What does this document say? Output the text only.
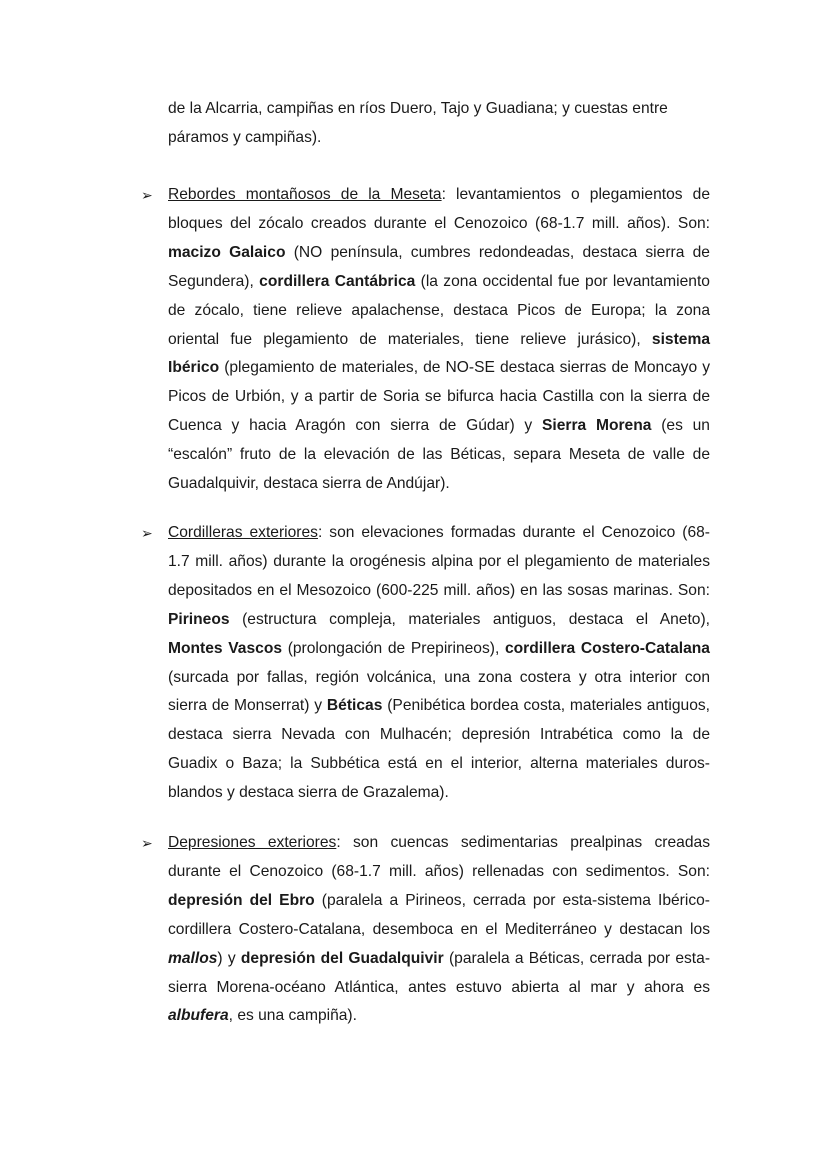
de la Alcarria, campiñas en ríos Duero, Tajo y Guadiana; y cuestas entre páramos y campiñas).

➢ Rebordes montañosos de la Meseta: levantamientos o plegamientos de bloques del zócalo creados durante el Cenozoico (68-1.7 mill. años). Son: macizo Galaico (NO península, cumbres redondeadas, destaca sierra de Segundera), cordillera Cantábrica (la zona occidental fue por levantamiento de zócalo, tiene relieve apalachense, destaca Picos de Europa; la zona oriental fue plegamiento de materiales, tiene relieve jurásico), sistema Ibérico (plegamiento de materiales, de NO-SE destaca sierras de Moncayo y Picos de Urbión, y a partir de Soria se bifurca hacia Castilla con la sierra de Cuenca y hacia Aragón con sierra de Gúdar) y Sierra Morena (es un “escalón” fruto de la elevación de las Béticas, separa Meseta de valle de Guadalquivir, destaca sierra de Andújar).

➢ Cordilleras exteriores: son elevaciones formadas durante el Cenozoico (68-1.7 mill. años) durante la orogénesis alpina por el plegamiento de materiales depositados en el Mesozoico (600-225 mill. años) en las sosas marinas. Son: Pirineos (estructura compleja, materiales antiguos, destaca el Aneto), Montes Vascos (prolongación de Prepirineos), cordillera Costero-Catalana (surcada por fallas, región volcánica, una zona costera y otra interior con sierra de Monserrat) y Béticas (Penibética bordea costa, materiales antiguos, destaca sierra Nevada con Mulhacén; depresión Intrabética como la de Guadix o Baza; la Subbética está en el interior, alterna materiales duros-blandos y destaca sierra de Grazalema).

➢ Depresiones exteriores: son cuencas sedimentarias prealpinas creadas durante el Cenozoico (68-1.7 mill. años) rellenadas con sedimentos. Son: depresión del Ebro (paralela a Pirineos, cerrada por esta-sistema Ibérico-cordillera Costero-Catalana, desemboca en el Mediterráneo y destacan los mallos) y depresión del Guadalquivir (paralela a Béticas, cerrada por esta-sierra Morena-océano Atlántica, antes estuvo abierta al mar y ahora es albufera, es una campiña).
